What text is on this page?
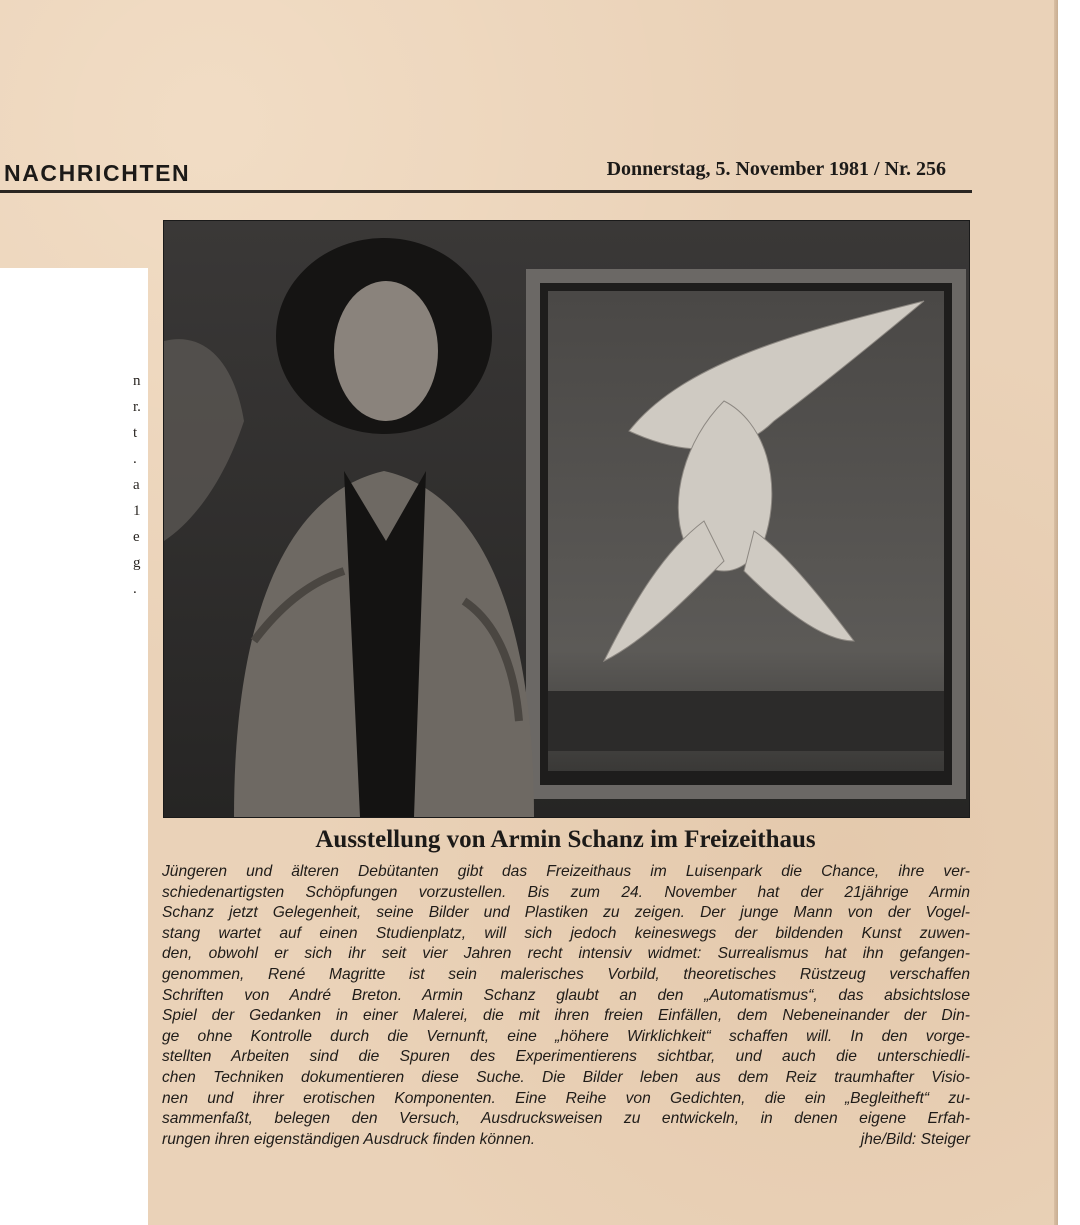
NACHRICHTEN	Donnerstag, 5. November 1981 / Nr. 256
n
r.
t
.
a
1
e
g
.
Ausstellung von Armin Schanz im Freizeithaus

Jüngeren und älteren Debütanten gibt das Freizeithaus im Luisenpark die Chance, ihre ver-
schiedenartigsten Schöpfungen vorzustellen. Bis zum 24. November hat der 21jährige Armin
Schanz jetzt Gelegenheit, seine Bilder und Plastiken zu zeigen. Der junge Mann von der Vogel-
stang wartet auf einen Studienplatz, will sich jedoch keineswegs der bildenden Kunst zuwen-
den, obwohl er sich ihr seit vier Jahren recht intensiv widmet: Surrealismus hat ihn gefangen-
genommen, René Magritte ist sein malerisches Vorbild, theoretisches Rüstzeug verschaffen
Schriften von André Breton. Armin Schanz glaubt an den „Automatismus“, das absichtslose
Spiel der Gedanken in einer Malerei, die mit ihren freien Einfällen, dem Nebeneinander der Din-
ge ohne Kontrolle durch die Vernunft, eine „höhere Wirklichkeit“ schaffen will. In den vorge-
stellten Arbeiten sind die Spuren des Experimentierens sichtbar, und auch die unterschiedli-
chen Techniken dokumentieren diese Suche. Die Bilder leben aus dem Reiz traumhafter Visio-
nen und ihrer erotischen Komponenten. Eine Reihe von Gedichten, die ein „Begleitheft“ zu-
sammenfaßt, belegen den Versuch, Ausdrucksweisen zu entwickeln, in denen eigene Erfah-
rungen ihren eigenständigen Ausdruck finden können.	jhe/Bild: Steiger
